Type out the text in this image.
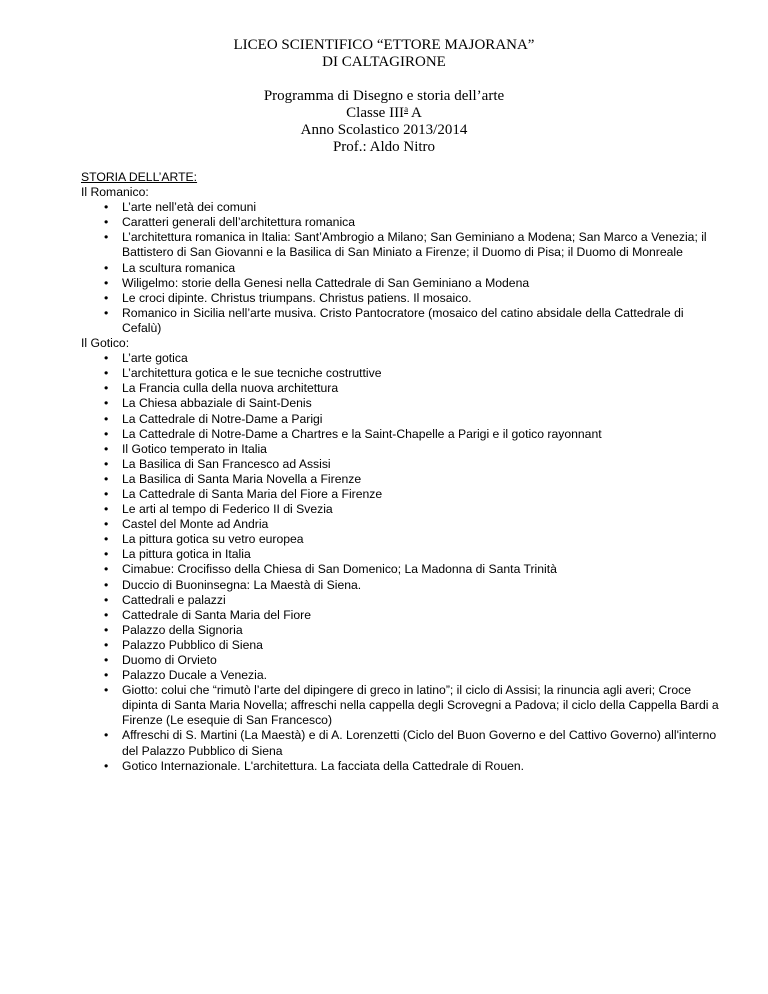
LICEO SCIENTIFICO “ETTORE MAJORANA”
DI CALTAGIRONE
Programma di Disegno e storia dell’arte
Classe III$^a$ A
Anno Scolastico 2013/2014
Prof.: Aldo Nitro
STORIA DELL’ARTE:
Il Romanico:
• L’arte nell’età dei comuni
• Caratteri generali dell’architettura romanica
• L’architettura romanica in Italia: Sant’Ambrogio a Milano; San Geminiano a Modena; San Marco a Venezia; il Battistero di San Giovanni e la Basilica di San Miniato a Firenze; il Duomo di Pisa; il Duomo di Monreale
• La scultura romanica
• Wiligelmo: storie della Genesi nella Cattedrale di San Geminiano a Modena
• Le croci dipinte. Christus triumpans. Christus patiens. Il mosaico.
• Romanico in Sicilia nell’arte musiva. Cristo Pantocratore (mosaico del catino absidale della Cattedrale di Cefalù)
Il Gotico:
• L’arte gotica
• L’architettura gotica e le sue tecniche costruttive
• La Francia culla della nuova architettura
• La Chiesa abbaziale di Saint-Denis
• La Cattedrale di Notre-Dame a Parigi
• La Cattedrale di Notre-Dame a Chartres e la Saint-Chapelle a Parigi e il gotico rayonnant
• Il Gotico temperato in Italia
• La Basilica di San Francesco ad Assisi
• La Basilica di Santa Maria Novella a Firenze
• La Cattedrale di Santa Maria del Fiore a Firenze
• Le arti al tempo di Federico II di Svezia
• Castel del Monte ad Andria
• La pittura gotica su vetro europea
• La pittura gotica in Italia
• Cimabue: Crocifisso della Chiesa di San Domenico; La Madonna di Santa Trinità
• Duccio di Buoninsegna: La Maestà di Siena.
• Cattedrali e palazzi
• Cattedrale di Santa Maria del Fiore
• Palazzo della Signoria
• Palazzo Pubblico di Siena
• Duomo di Orvieto
• Palazzo Ducale a Venezia.
• Giotto: colui che “rimutò l’arte del dipingere di greco in latino”; il ciclo di Assisi; la rinuncia agli averi; Croce dipinta di Santa Maria Novella; affreschi nella cappella degli Scrovegni a Padova; il ciclo della Cappella Bardi a Firenze (Le esequie di San Francesco)
• Affreschi di S. Martini (La Maestà) e di A. Lorenzetti (Ciclo del Buon Governo e del Cattivo Governo) all'interno del Palazzo Pubblico di Siena
• Gotico Internazionale. L'architettura. La facciata della Cattedrale di Rouen.
